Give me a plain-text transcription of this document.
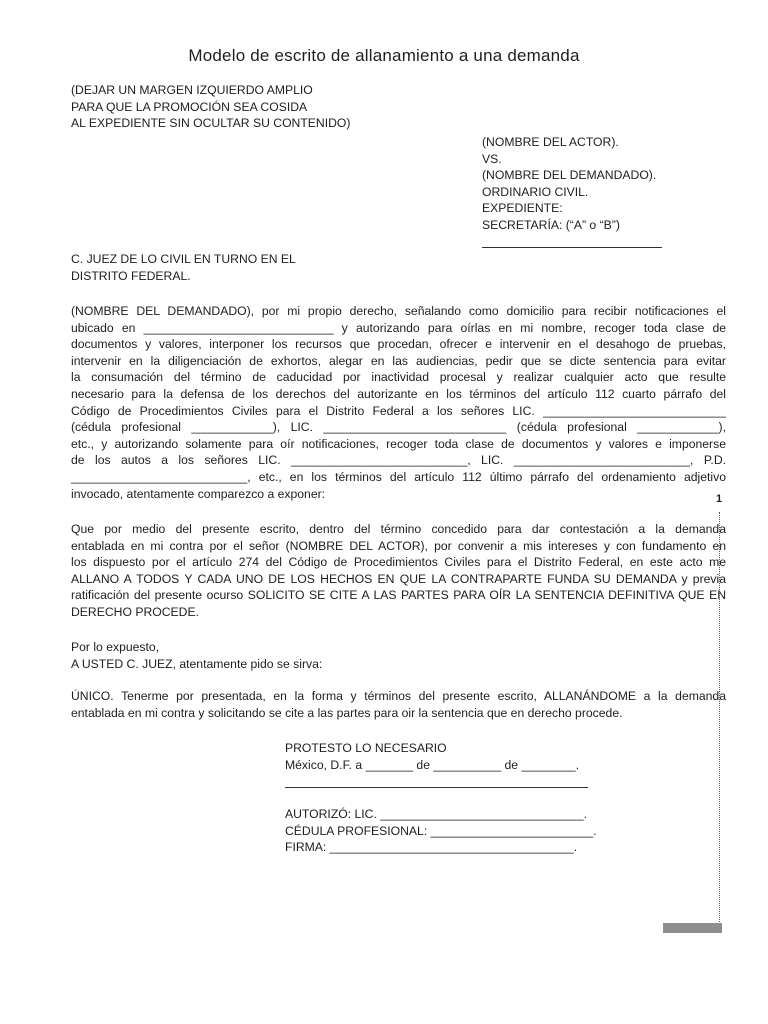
Modelo de escrito de allanamiento a una demanda
(DEJAR UN MARGEN IZQUIERDO AMPLIO
PARA QUE LA PROMOCIÓN SEA COSIDA
AL EXPEDIENTE SIN OCULTAR SU CONTENIDO)
(NOMBRE DEL ACTOR).
VS.
(NOMBRE DEL DEMANDADO).
ORDINARIO CIVIL.
EXPEDIENTE:
SECRETARÍA: (“A” o “B”)
C. JUEZ DE LO CIVIL EN TURNO EN EL
DISTRITO FEDERAL.
(NOMBRE DEL DEMANDADO), por mi propio derecho, señalando como domicilio para recibir notificaciones el
ubicado en ____________________________ y autorizando para oírlas en mi nombre, recoger toda clase de
documentos y valores, interponer los recursos que procedan, ofrecer e intervenir en el desahogo de pruebas,
intervenir en la diligenciación de exhortos, alegar en las audiencias, pedir que se dicte sentencia para evitar
la consumación del término de caducidad por inactividad procesal y realizar cualquier acto que resulte
necesario para la defensa de los derechos del autorizante en los términos del artículo 112 cuarto párrafo del
Código de Procedimientos Civiles para el Distrito Federal a los señores LIC. ___________________________
(cédula profesional ____________), LIC. ___________________________ (cédula profesional ____________),
etc., y autorizando solamente para oír notificaciones, recoger toda clase de documentos y valores e imponerse
de los autos a los señores LIC. __________________________, LIC. __________________________, P.D.
__________________________, etc., en los términos del artículo 112 último párrafo del ordenamiento adjetivo
invocado, atentamente comparezco a exponer:
Que por medio del presente escrito, dentro del término concedido para dar contestación a la demanda
entablada en mi contra por el señor (NOMBRE DEL ACTOR), por convenir a mis intereses y con fundamento en
los dispuesto por el artículo 274 del Código de Procedimientos Civiles para el Distrito Federal, en este acto me
ALLANO A TODOS Y CADA UNO DE LOS HECHOS EN QUE LA CONTRAPARTE FUNDA SU DEMANDA y previa
ratificación del presente ocurso SOLICITO SE CITE A LAS PARTES PARA OÍR LA SENTENCIA DEFINITIVA QUE EN
DERECHO PROCEDE.
Por lo expuesto,
A USTED C. JUEZ, atentamente pido se sirva:
ÚNICO. Tenerme por presentada, en la forma y términos del presente escrito, ALLANÁNDOME a la demanda
entablada en mi contra y solicitando se cite a las partes para oir la sentencia que en derecho procede.
PROTESTO LO NECESARIO
México, D.F. a _______ de __________ de ________.
AUTORIZÓ: LIC. ______________________________.
CÉDULA PROFESIONAL: ________________________.
FIRMA: ____________________________________.
1
